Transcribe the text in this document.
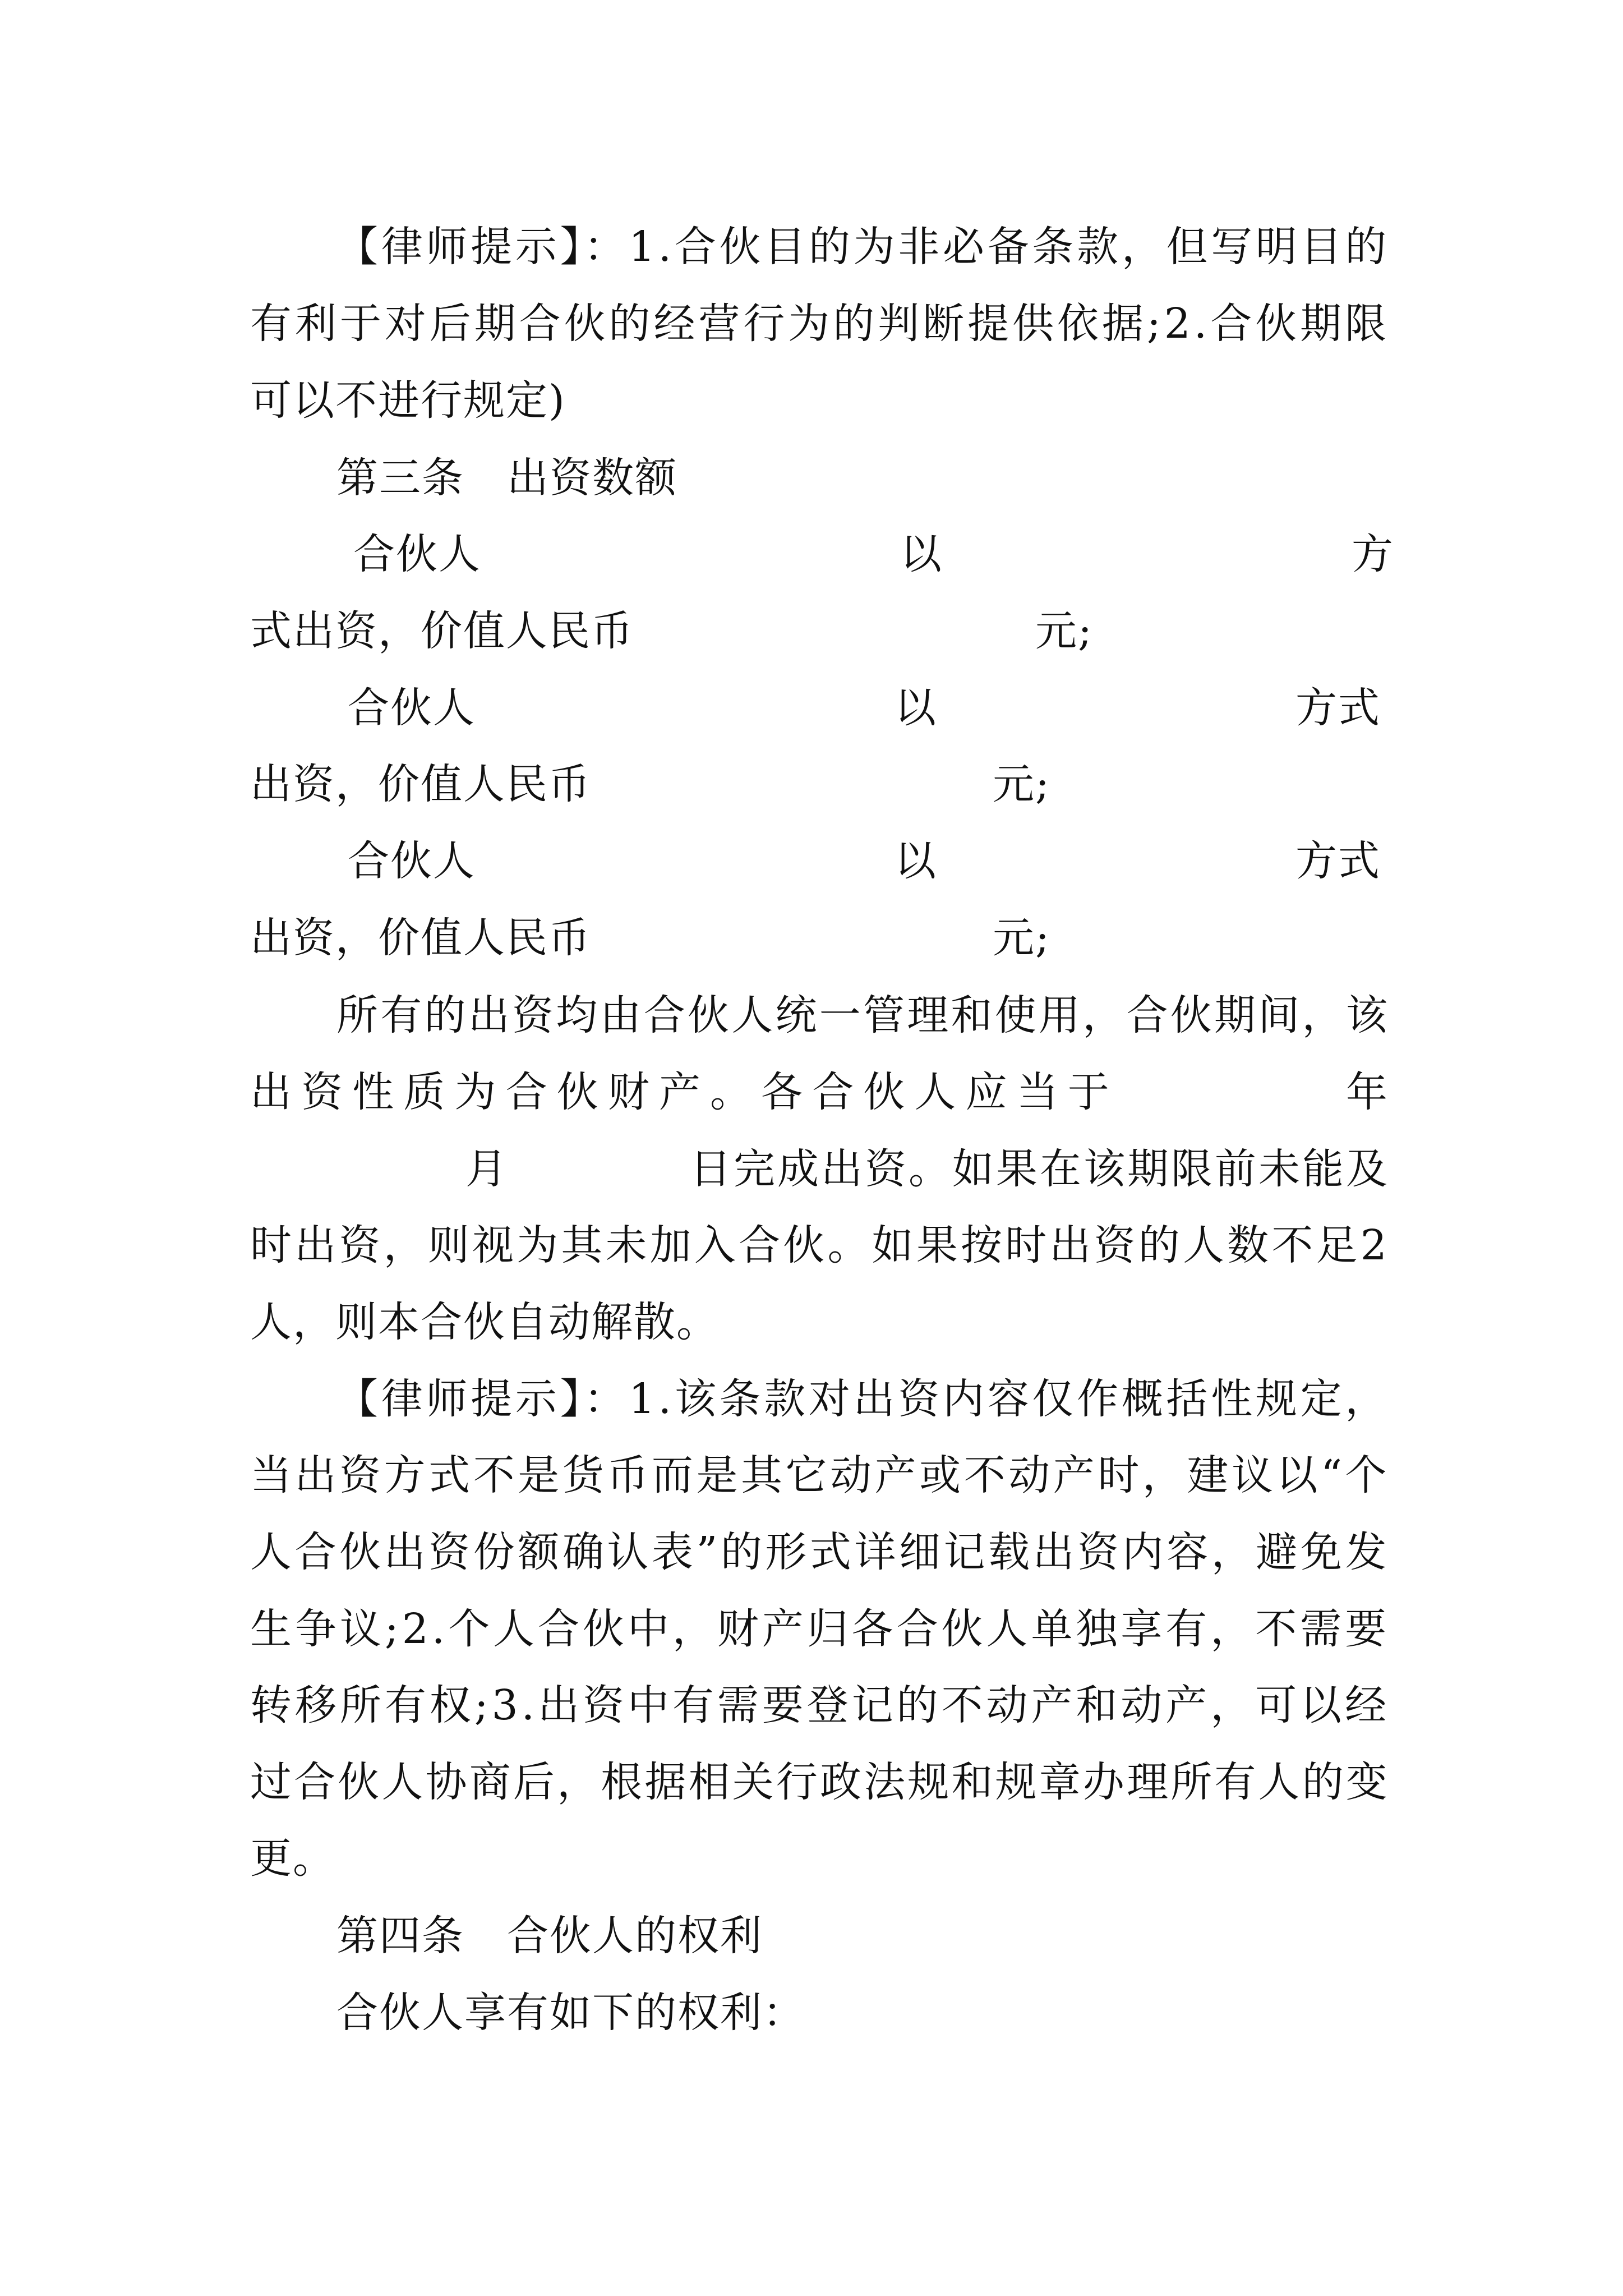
【律师提示】：1.合伙目的为非必备条款，但写明目的

有利于对后期合伙的经营行为的判断提供依据;2.合伙期限

可以不进行规定)

第三条　出资数额

合伙人	以	方

式出资，价值人民币	元;

合伙人	以	方式

出资，价值人民币	元;

合伙人	以	方式

出资，价值人民币	元;

所有的出资均由合伙人统一管理和使用，合伙期间，该

出资性质为合伙财产。各合伙人应当于	年

月	日完成出资。如果在该期限前未能及

时出资，则视为其未加入合伙。如果按时出资的人数不足2

人，则本合伙自动解散。

【律师提示】：1.该条款对出资内容仅作概括性规定，

当出资方式不是货币而是其它动产或不动产时，建议以“个

人合伙出资份额确认表”的形式详细记载出资内容，避免发

生争议;2.个人合伙中，财产归各合伙人单独享有，不需要

转移所有权;3.出资中有需要登记的不动产和动产，可以经

过合伙人协商后，根据相关行政法规和规章办理所有人的变

更。

第四条　合伙人的权利

合伙人享有如下的权利：
